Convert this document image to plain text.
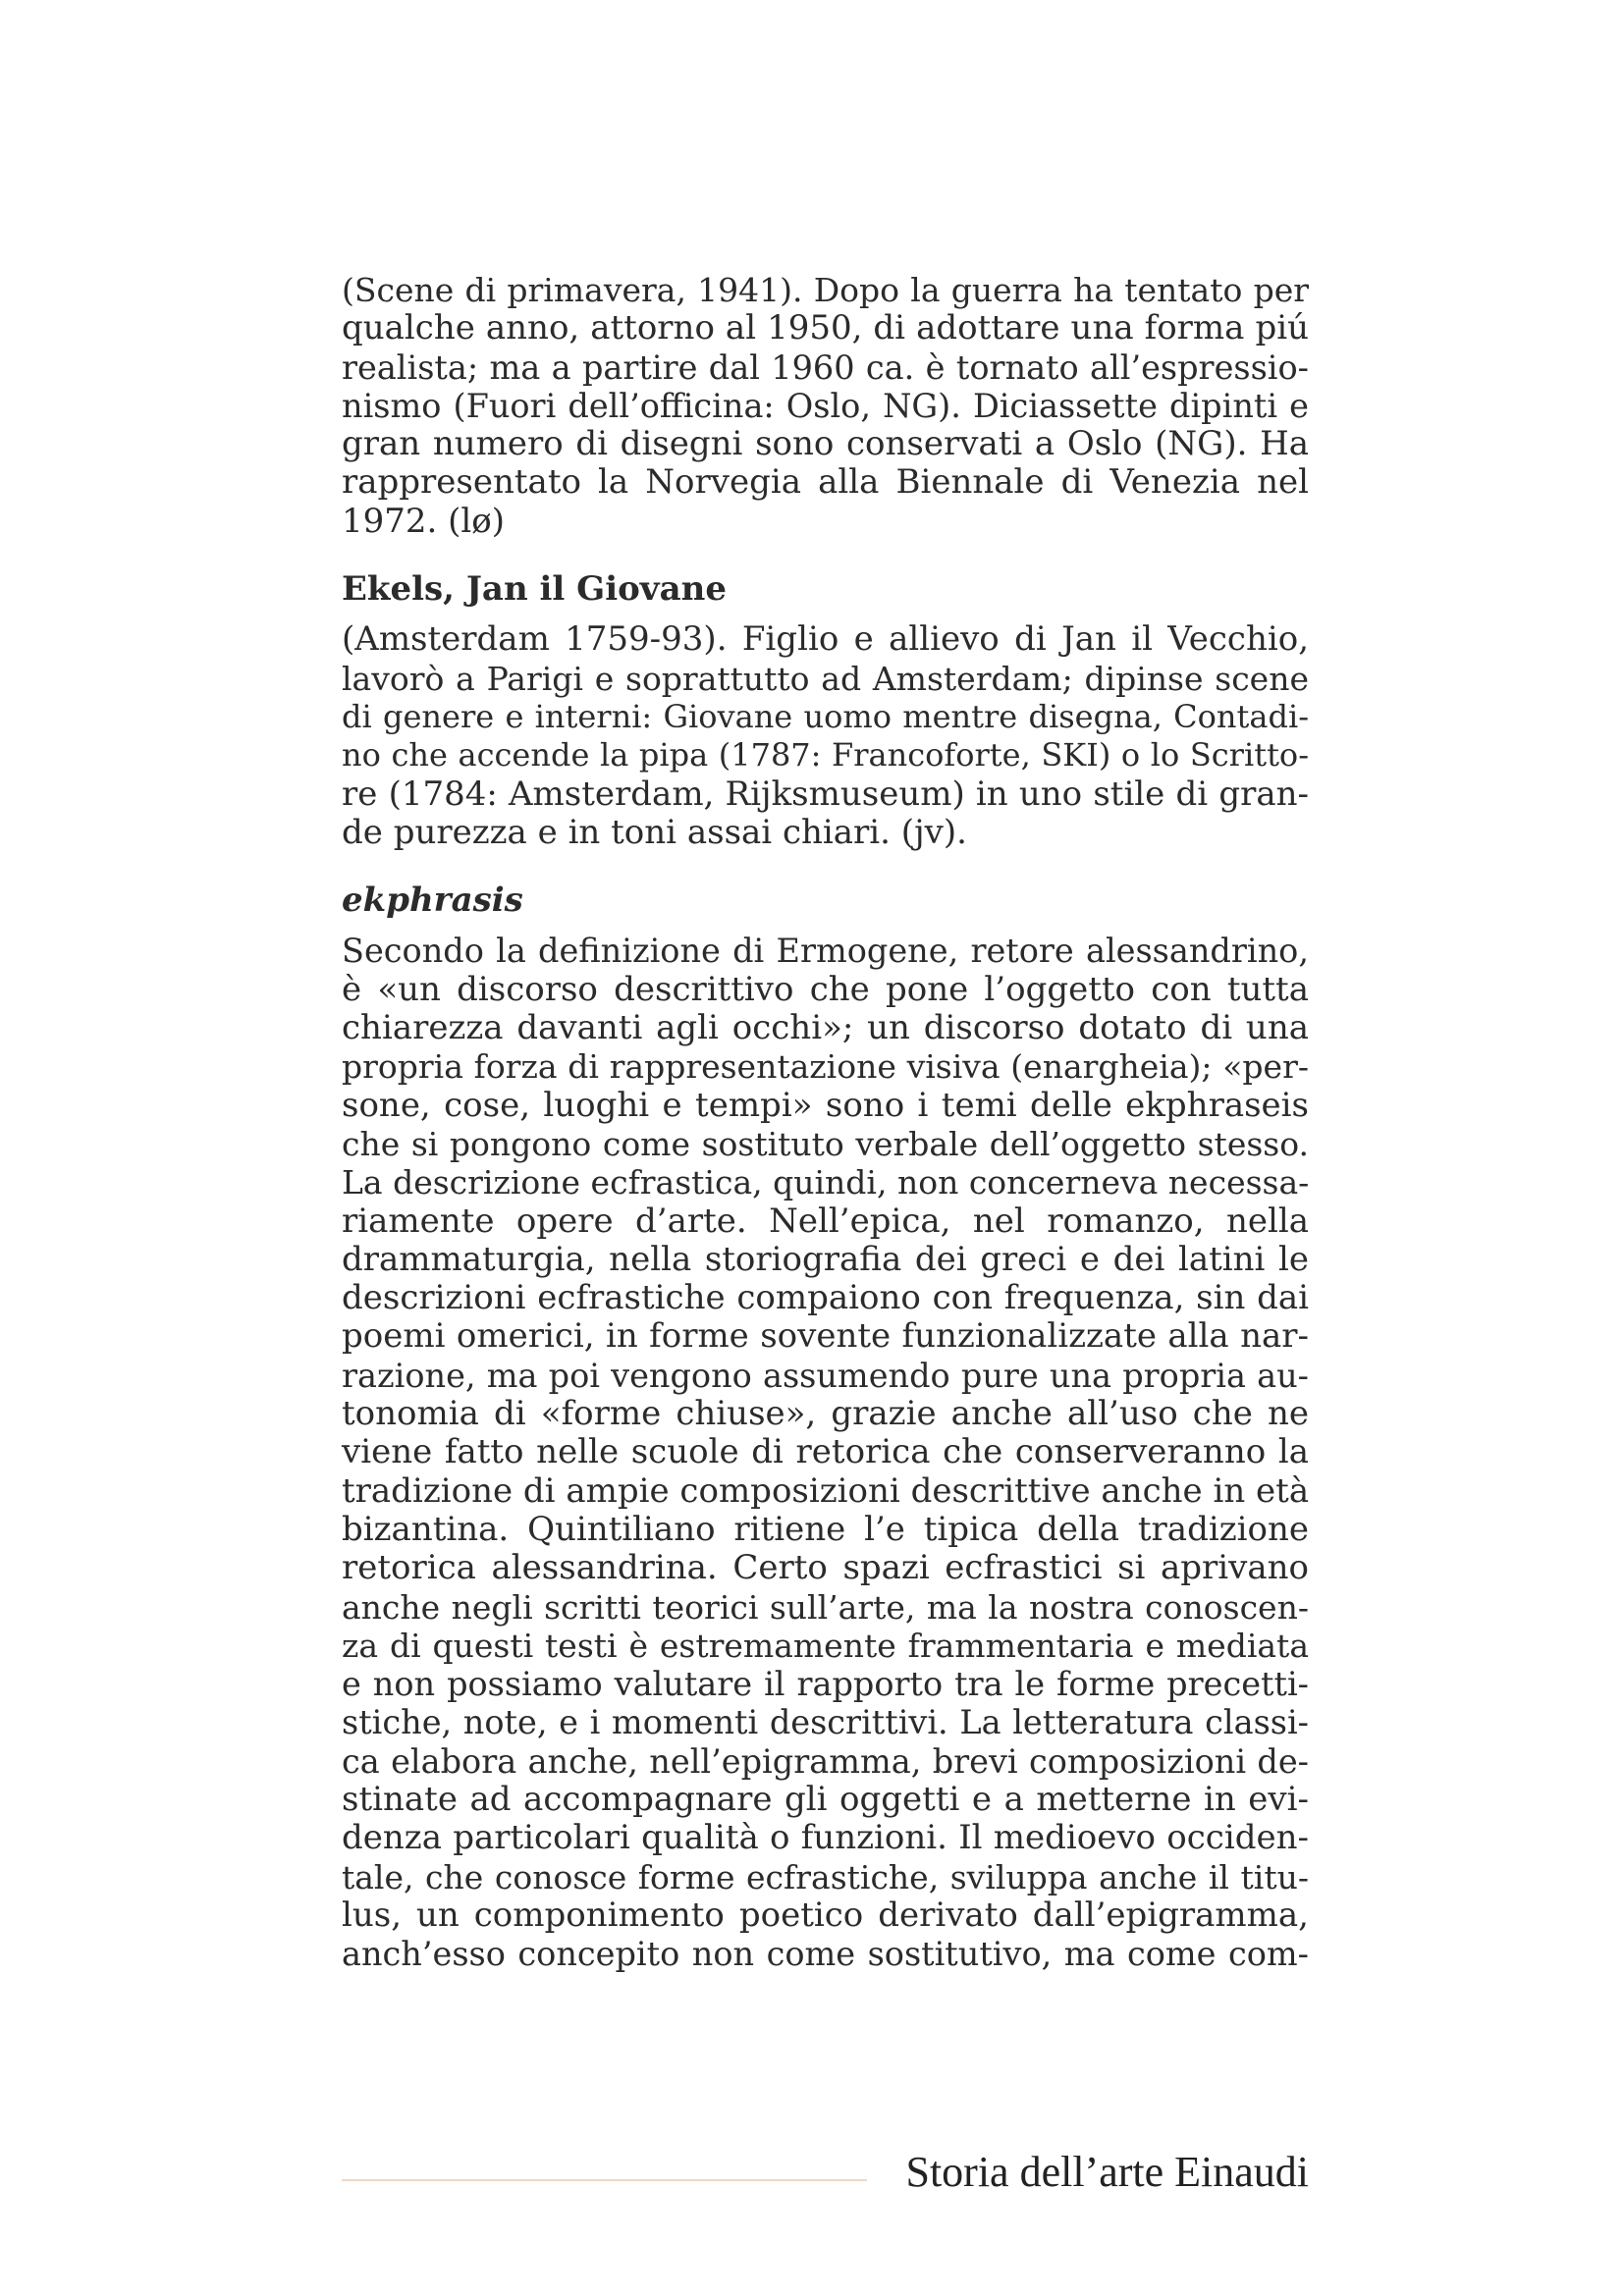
(Scene di primavera, 1941). Dopo la guerra ha tentato per
qualche anno, attorno al 1950, di adottare una forma piú
realista; ma a partire dal 1960 ca. è tornato all’espressio-
nismo (Fuori dell’officina: Oslo, NG). Diciassette dipinti e
gran numero di disegni sono conservati a Oslo (NG). Ha
rappresentato la Norvegia alla Biennale di Venezia nel
1972. (lø)
Ekels, Jan il Giovane
(Amsterdam 1759-93). Figlio e allievo di Jan il Vecchio,
lavorò a Parigi e soprattutto ad Amsterdam; dipinse scene
di genere e interni: Giovane uomo mentre disegna, Contadi-
no che accende la pipa (1787: Francoforte, SKI) o lo Scritto-
re (1784: Amsterdam, Rijksmuseum) in uno stile di gran-
de purezza e in toni assai chiari. (jv).
ekphrasis
Secondo la definizione di Ermogene, retore alessandrino,
è «un discorso descrittivo che pone l’oggetto con tutta
chiarezza davanti agli occhi»; un discorso dotato di una
propria forza di rappresentazione visiva (enargheia); «per-
sone, cose, luoghi e tempi» sono i temi delle ekphraseis
che si pongono come sostituto verbale dell’oggetto stesso.
La descrizione ecfrastica, quindi, non concerneva necessa-
riamente opere d’arte. Nell’epica, nel romanzo, nella
drammaturgia, nella storiografia dei greci e dei latini le
descrizioni ecfrastiche compaiono con frequenza, sin dai
poemi omerici, in forme sovente funzionalizzate alla nar-
razione, ma poi vengono assumendo pure una propria au-
tonomia di «forme chiuse», grazie anche all’uso che ne
viene fatto nelle scuole di retorica che conserveranno la
tradizione di ampie composizioni descrittive anche in età
bizantina. Quintiliano ritiene l’e tipica della tradizione
retorica alessandrina. Certo spazi ecfrastici si aprivano
anche negli scritti teorici sull’arte, ma la nostra conoscen-
za di questi testi è estremamente frammentaria e mediata
e non possiamo valutare il rapporto tra le forme precetti-
stiche, note, e i momenti descrittivi. La letteratura classi-
ca elabora anche, nell’epigramma, brevi composizioni de-
stinate ad accompagnare gli oggetti e a metterne in evi-
denza particolari qualità o funzioni. Il medioevo occiden-
tale, che conosce forme ecfrastiche, sviluppa anche il titu-
lus, un componimento poetico derivato dall’epigramma,
anch’esso concepito non come sostitutivo, ma come com-
Storia dell’arte Einaudi
